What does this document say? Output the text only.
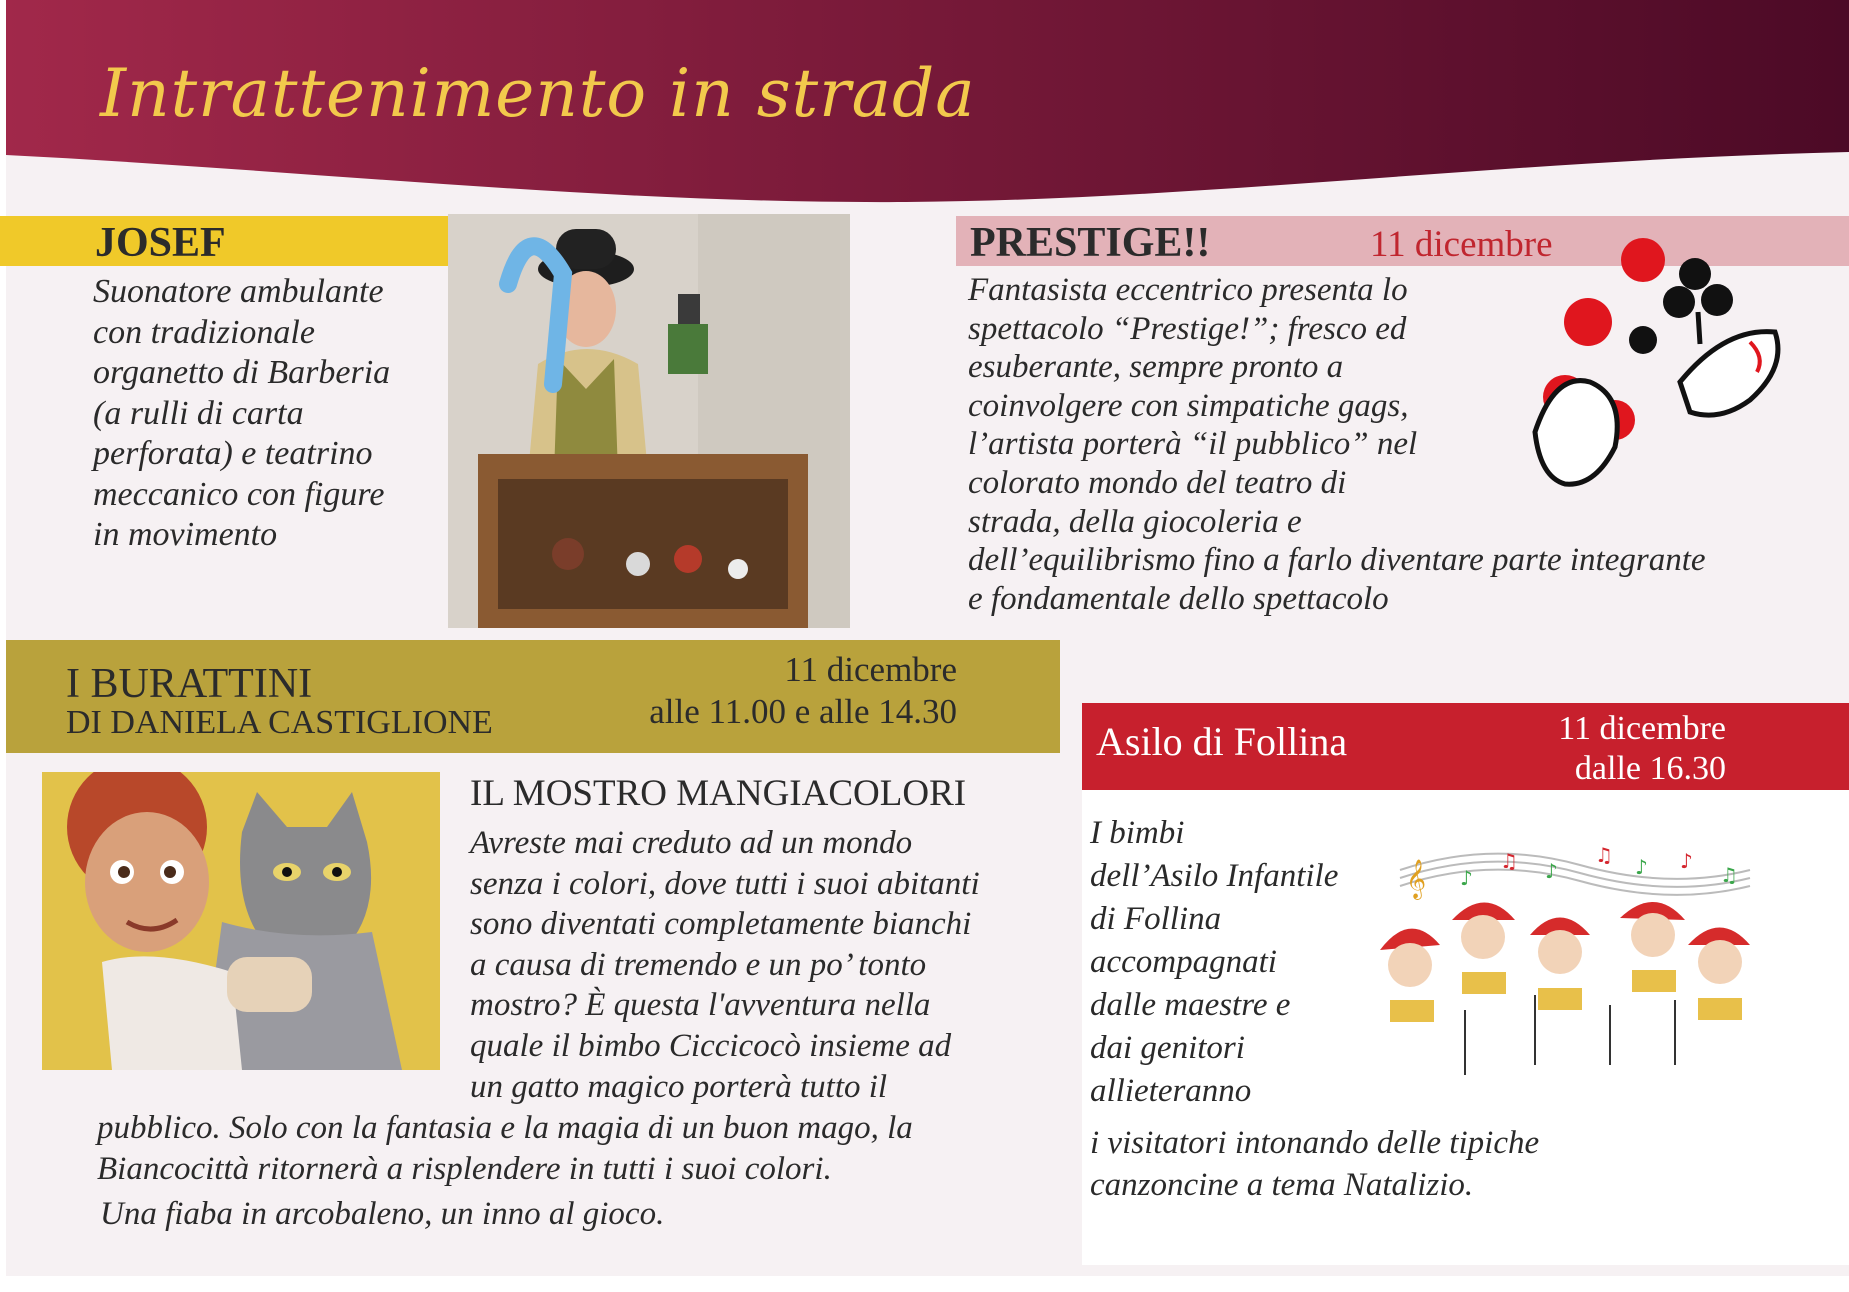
Intrattenimento in strada
JOSEF
Suonatore ambulante
con tradizionale
organetto di Barberia
(a rulli di carta
perforata) e teatrino
meccanico con figure
in movimento
PRESTIGE!!	11 dicembre
Fantasista eccentrico presenta lo
spettacolo “Prestige!”; fresco ed
esuberante, sempre pronto a
coinvolgere con simpatiche gags,
l’artista porterà “il pubblico” nel
colorato mondo del teatro di
strada, della giocoleria e
dell’equilibrismo fino a farlo diventare parte integrante
e fondamentale dello spettacolo
I BURATTINI
DI DANIELA CASTIGLIONE
11 dicembre
alle 11.00 e alle 14.30
IL MOSTRO MANGIACOLORI
Avreste mai creduto ad un mondo
senza i colori, dove tutti i suoi abitanti
sono diventati completamente bianchi
a causa di tremendo e un po’ tonto
mostro? È questa l'avventura nella
quale il bimbo Ciccicocò insieme ad
un gatto magico porterà tutto il
pubblico. Solo con la fantasia e la magia di un buon mago, la
Biancocittà ritornerà a risplendere in tutti i suoi colori.
Una fiaba in arcobaleno, un inno al gioco.
Asilo di Follina	11 dicembre
dalle 16.30
I bimbi
dell’Asilo Infantile
di Follina
accompagnati
dalle maestre e
dai genitori
allieteranno
i visitatori intonando delle tipiche
canzoncine a tema Natalizio.
𝄞 ♪
♫ ♪
♫ ♪ ♪
♫
